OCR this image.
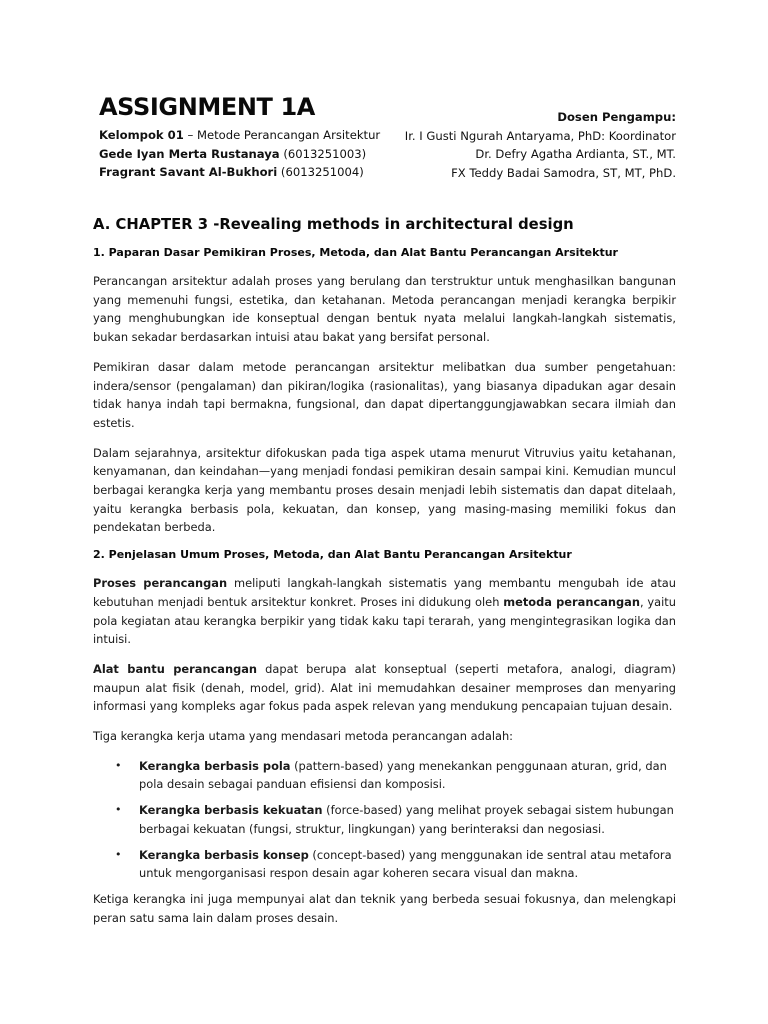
ASSIGNMENT 1A
Kelompok 01 – Metode Perancangan Arsitektur
Gede Iyan Merta Rustanaya (6013251003)
Fragrant Savant Al-Bukhori (6013251004)
Dosen Pengampu:
Ir. I Gusti Ngurah Antaryama, PhD: Koordinator
Dr. Defry Agatha Ardianta, ST., MT.
FX Teddy Badai Samodra, ST, MT, PhD.
A. CHAPTER 3 -Revealing methods in architectural design
1. Paparan Dasar Pemikiran Proses, Metoda, dan Alat Bantu Perancangan Arsitektur

Perancangan arsitektur adalah proses yang berulang dan terstruktur untuk menghasilkan bangunan yang memenuhi fungsi, estetika, dan ketahanan. Metoda perancangan menjadi kerangka berpikir yang menghubungkan ide konseptual dengan bentuk nyata melalui langkah-langkah sistematis, bukan sekadar berdasarkan intuisi atau bakat yang bersifat personal.

Pemikiran dasar dalam metode perancangan arsitektur melibatkan dua sumber pengetahuan: indera/sensor (pengalaman) dan pikiran/logika (rasionalitas), yang biasanya dipadukan agar desain tidak hanya indah tapi bermakna, fungsional, dan dapat dipertanggungjawabkan secara ilmiah dan estetis.

Dalam sejarahnya, arsitektur difokuskan pada tiga aspek utama menurut Vitruvius yaitu ketahanan, kenyamanan, dan keindahan—yang menjadi fondasi pemikiran desain sampai kini. Kemudian muncul berbagai kerangka kerja yang membantu proses desain menjadi lebih sistematis dan dapat ditelaah, yaitu kerangka berbasis pola, kekuatan, dan konsep, yang masing-masing memiliki fokus dan pendekatan berbeda.

2. Penjelasan Umum Proses, Metoda, dan Alat Bantu Perancangan Arsitektur

Proses perancangan meliputi langkah-langkah sistematis yang membantu mengubah ide atau kebutuhan menjadi bentuk arsitektur konkret. Proses ini didukung oleh metoda perancangan, yaitu pola kegiatan atau kerangka berpikir yang tidak kaku tapi terarah, yang mengintegrasikan logika dan intuisi.

Alat bantu perancangan dapat berupa alat konseptual (seperti metafora, analogi, diagram) maupun alat fisik (denah, model, grid). Alat ini memudahkan desainer memproses dan menyaring informasi yang kompleks agar fokus pada aspek relevan yang mendukung pencapaian tujuan desain.

Tiga kerangka kerja utama yang mendasari metoda perancangan adalah:

• Kerangka berbasis pola (pattern-based) yang menekankan penggunaan aturan, grid, dan pola desain sebagai panduan efisiensi dan komposisi.
• Kerangka berbasis kekuatan (force-based) yang melihat proyek sebagai sistem hubungan berbagai kekuatan (fungsi, struktur, lingkungan) yang berinteraksi dan negosiasi.
• Kerangka berbasis konsep (concept-based) yang menggunakan ide sentral atau metafora untuk mengorganisasi respon desain agar koheren secara visual dan makna.

Ketiga kerangka ini juga mempunyai alat dan teknik yang berbeda sesuai fokusnya, dan melengkapi peran satu sama lain dalam proses desain.
